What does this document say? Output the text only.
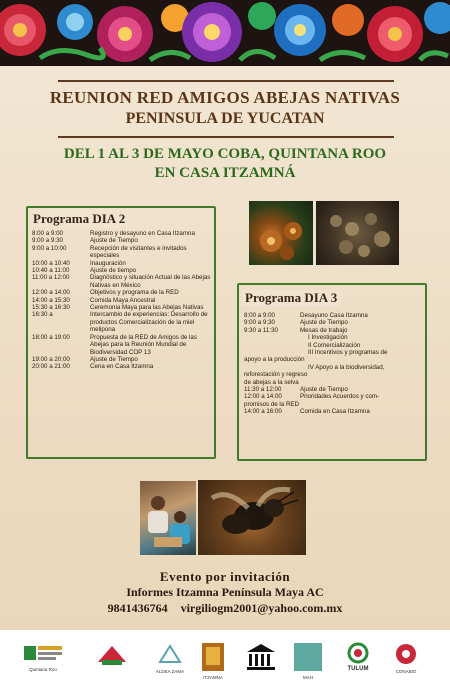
REUNION RED AMIGOS ABEJAS NATIVAS
PENINSULA DE YUCATAN
DEL 1 AL 3 DE MAYO COBA, QUINTANA ROO
EN CASA ITZAMNÁ
Programa DIA 2
8:00 a 9:00	Registro y desayuno en Casa Itzamna
9:00 a 9:30	Ajuste de Tiempo
9:00 a 10:00	Recepción de visitantes e invitados especiales
10:00 a 10:40	Inauguración
10:40 a 11:00	Ajuste de tiempo
11:00 a 12:00	Diagnóstico y situación Actual de las Abejas Nativas en México
12:00 a 14:00	Objetivos y programa de la RED
14:00 a 15:30	Comida Maya Ancestral
15:30 a 16:30	Ceremonia Maya para las Abejas Nativas
16:30 a	Intercambio de experiencias: Desarrollo de productos Comercialización de la miel melipona
18:00 a 19:00	Propuesta de la RED de Amigos de las Abejas para la Reunión Mundial de Biodiversidad COP 13
19:00 a 20:00	Ajuste de Tiempo
20:00 a 21:00	Cena en Casa Itzamna
Programa DIA 3
8:00 a 9:00	Desayuno Casa Itzamna
9:00 a 9:30	Ajuste de Tiempo
9:30 a 11:30	Mesas de trabajo
I Investigación
II Comercialización
III Incentivos y programas de
apoyo a la producción
IV Apoyo a la biodiversidad,
reforestación y regreso
de abejas a la selva
11:30 a 12:00	Ajuste de Tiempo
12:00 a 14:00	Prioridades Acuerdos y com-
promisos de la RED
14:00 a 16:00	Comida en Casa Itzamna
Evento por invitación
Informes Itzamna Península Maya AC
9841436764 virgiliogm2001@yahoo.com.mx
Quintana Roo	ALDEA ZAMA
ITZAMNA	MAH
TULUM	CONABIO
